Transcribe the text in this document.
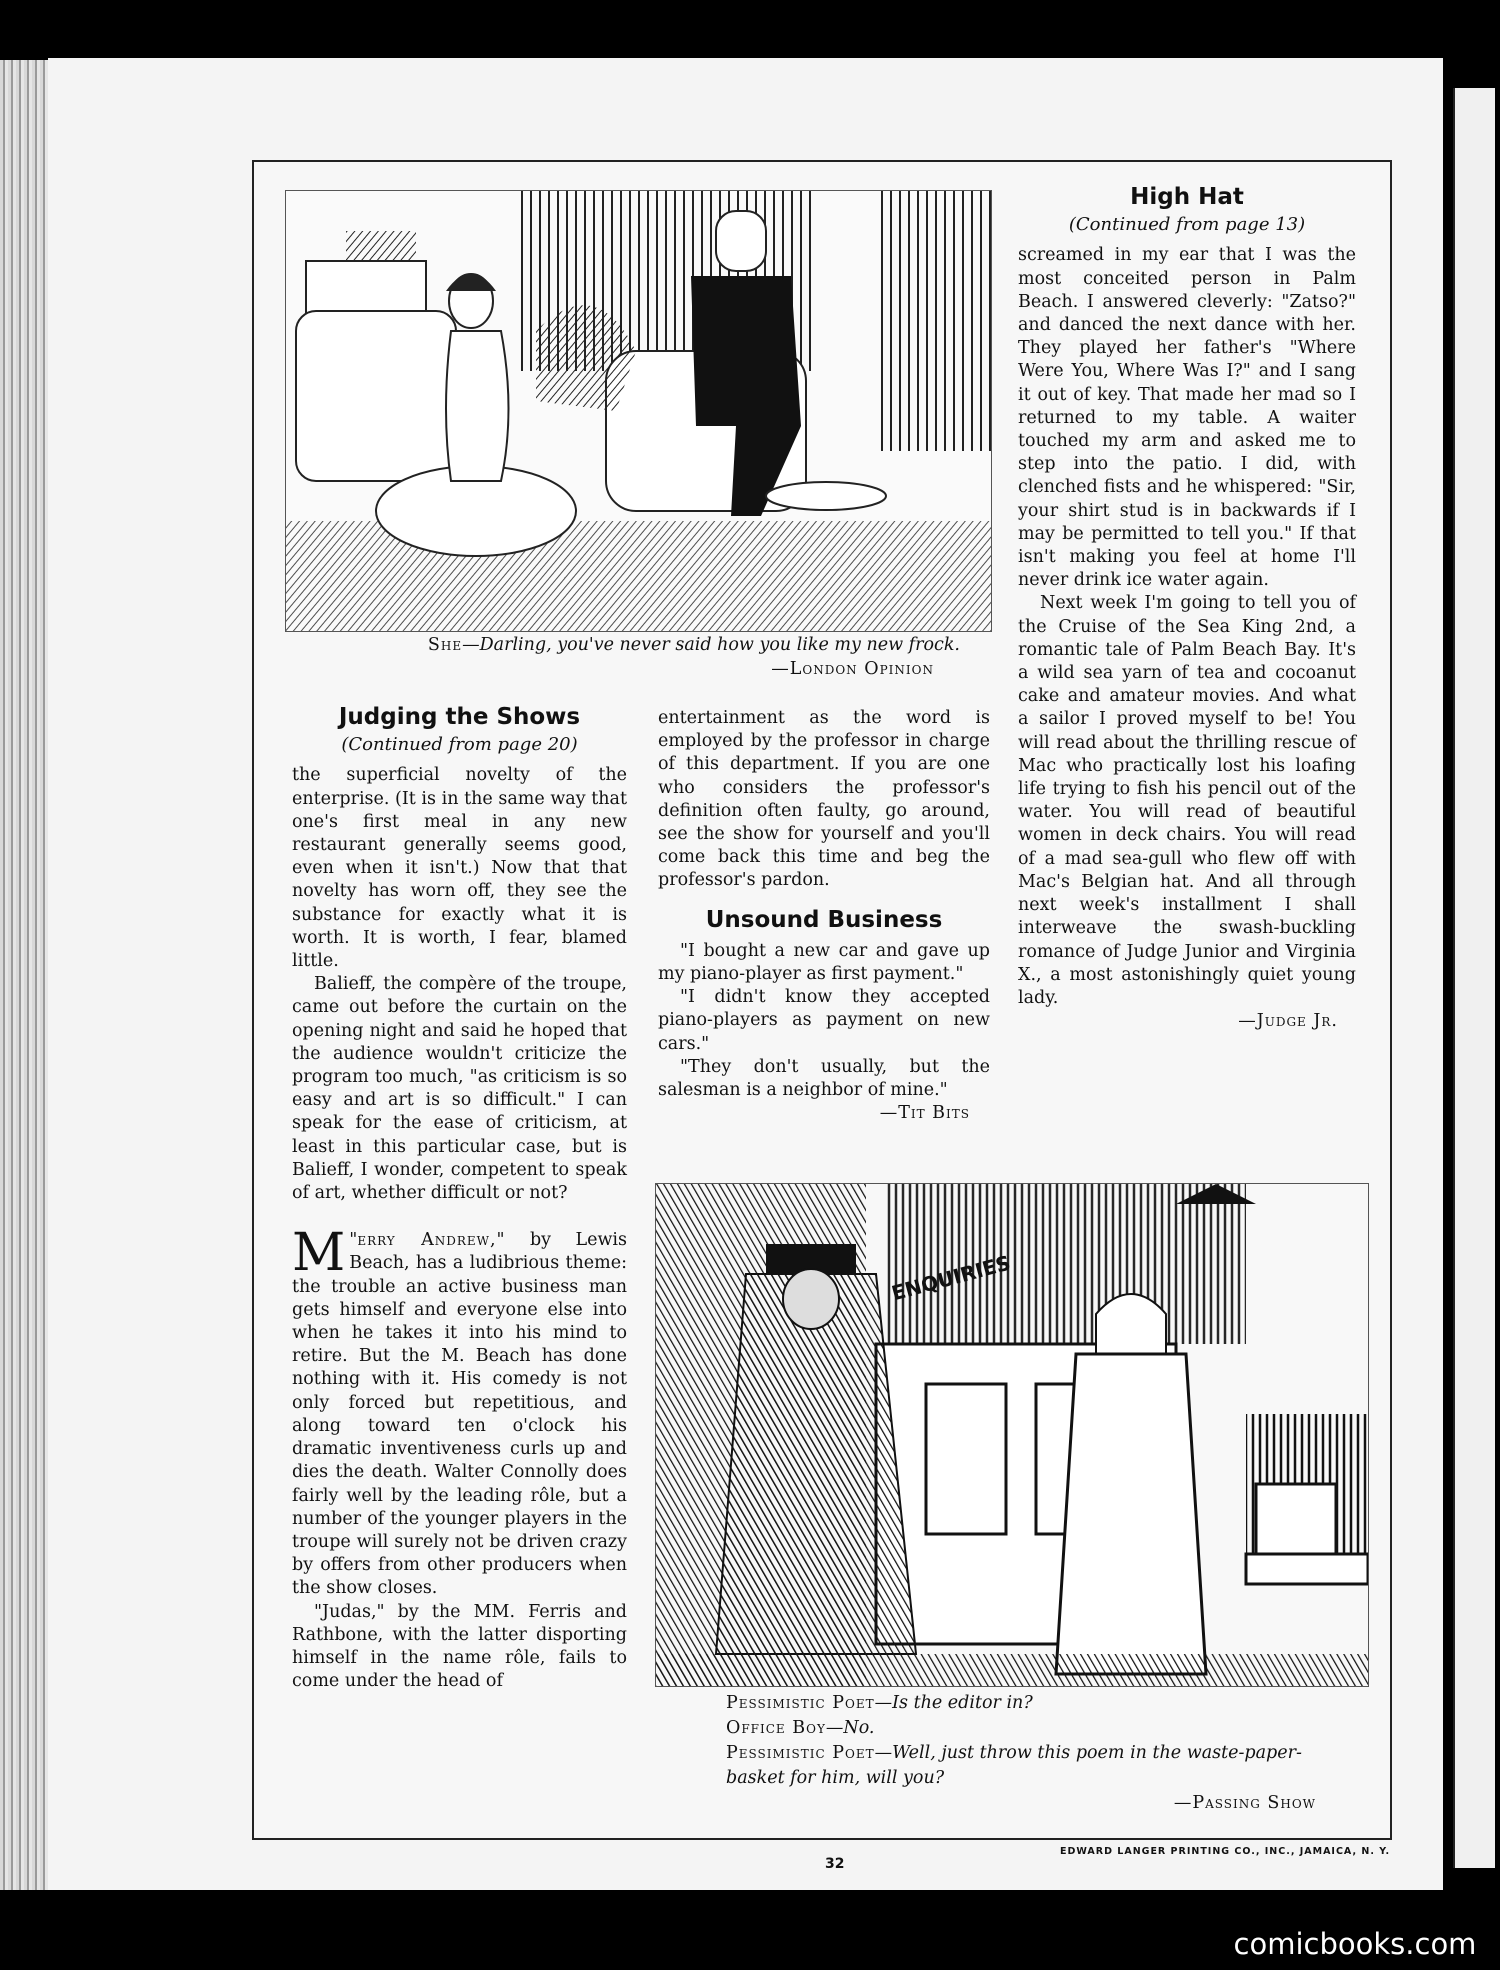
She—Darling, you've never said how you like my new frock.
—London Opinion
High Hat
(Continued from page 13)

screamed in my ear that I was the most conceited person in Palm Beach. I answered cleverly: "Zatso?" and danced the next dance with her. They played her father's "Where Were You, Where Was I?" and I sang it out of key. That made her mad so I returned to my table. A waiter touched my arm and asked me to step into the patio. I did, with clenched fists and he whispered: "Sir, your shirt stud is in backwards if I may be permitted to tell you." If that isn't making you feel at home I'll never drink ice water again.

Next week I'm going to tell you of the Cruise of the Sea King 2nd, a romantic tale of Palm Beach Bay. It's a wild sea yarn of tea and cocoanut cake and amateur movies. And what a sailor I proved myself to be! You will read about the thrilling rescue of Mac who practically lost his loafing life trying to fish his pencil out of the water. You will read of beautiful women in deck chairs. You will read of a mad sea-gull who flew off with Mac's Belgian hat. And all through next week's installment I shall interweave the swash-buckling romance of Judge Junior and Virginia X., a most astonishingly quiet young lady.

—Judge Jr.
Judging the Shows
(Continued from page 20)

the superficial novelty of the enterprise. (It is in the same way that one's first meal in any new restaurant generally seems good, even when it isn't.) Now that that novelty has worn off, they see the substance for exactly what it is worth. It is worth, I fear, blamed little.

Balieff, the compère of the troupe, came out before the curtain on the opening night and said he hoped that the audience wouldn't criticize the program too much, "as criticism is so easy and art is so difficult." I can speak for the ease of criticism, at least in this particular case, but is Balieff, I wonder, competent to speak of art, whether difficult or not?

"
M erry Andrew," by Lewis Beach, has a ludibrious theme: the trouble an active business man gets himself and everyone else into when he takes it into his mind to retire. But the M. Beach has done nothing with it. His comedy is not only forced but repetitious, and along toward ten o'clock his dramatic inventiveness curls up and dies the death. Walter Connolly does fairly well by the leading rôle, but a number of the younger players in the troupe will surely not be driven crazy by offers from other producers when the show closes.

"Judas," by the MM. Ferris and Rathbone, with the latter disporting himself in the name rôle, fails to come under the head of

entertainment as the word is employed by the professor in charge of this department. If you are one who considers the professor's definition often faulty, go around, see the show for yourself and you'll come back this time and beg the professor's pardon.

Unsound Business

"I bought a new car and gave up my piano-player as first payment."

"I didn't know they accepted piano-players as payment on new cars."

"They don't usually, but the salesman is a neighbor of mine."

—Tit Bits
ENQUIRIES
Pessimistic Poet—Is the editor in?
Office Boy—No.
Pessimistic Poet—Well, just throw this poem in the waste-paper-basket for him, will you?
—Passing Show
32
EDWARD LANGER PRINTING CO., INC., JAMAICA, N. Y.
comicbooks.com
